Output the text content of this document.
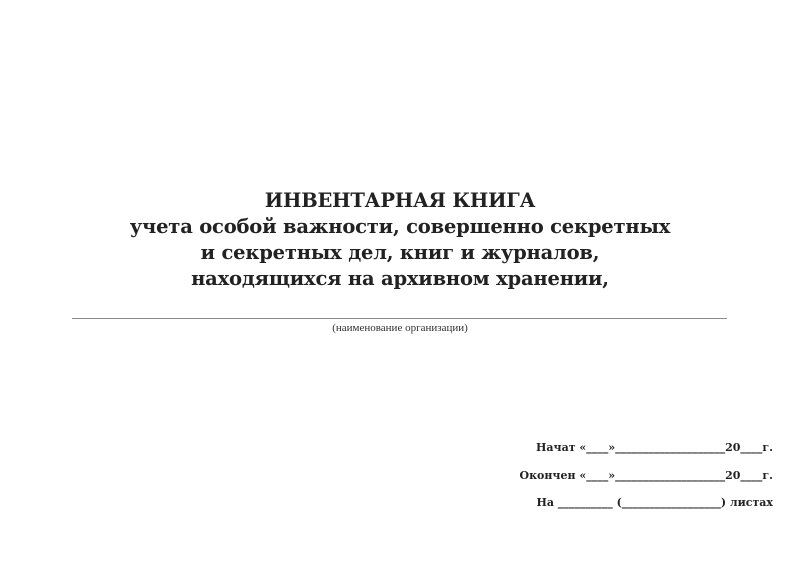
ИНВЕНТАРНАЯ КНИГА
учета особой важности, совершенно секретных
и секретных дел, книг и журналов,
находящихся на архивном хранении,
(наименование организации)
Начат «____»____________________20____г.
Окончен «____»____________________20____г.
На __________ (__________________) листах
